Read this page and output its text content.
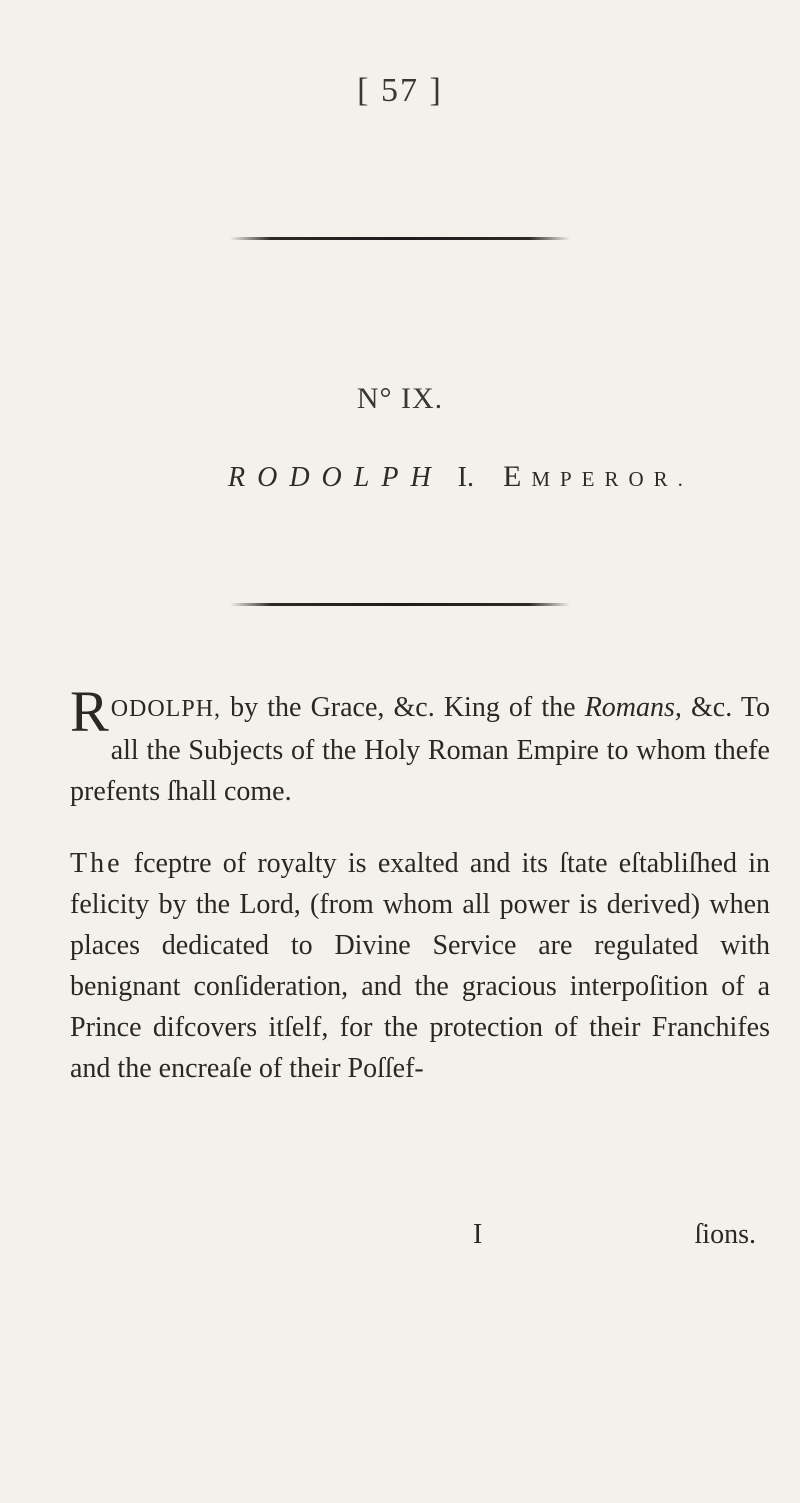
[ 57 ]
N° IX.
RODOLPH I. EMPEROR.

RODOLPH, by the Grace, &c. King of the Romans, &c. To all the Subjects of the Holy Roman Empire to whom thefe prefents ſhall come.

The fceptre of royalty is exalted and its ſtate eſtabliſhed in felicity by the Lord, (from whom all power is derived) when places dedicated to Divine Service are regulated with benignant conſideration, and the gracious interpoſition of a Prince difcovers itſelf, for the protection of their Franchifes and the encreaſe of their Poſſef-

I	ſions.
